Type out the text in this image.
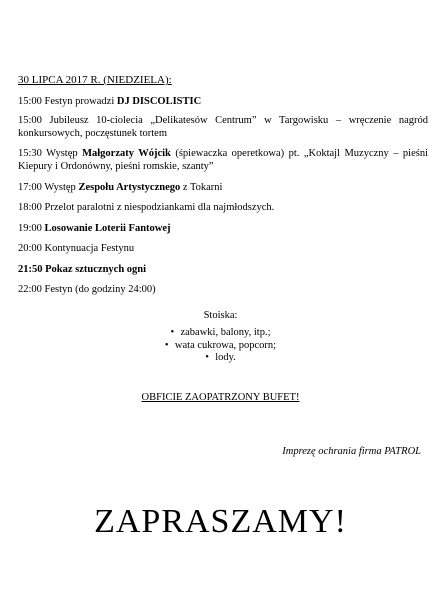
30 LIPCA 2017 R. (NIEDZIELA):
15:00 Festyn prowadzi DJ DISCOLISTIC
15:00 Jubileusz 10-ciolecia „Delikatesów Centrum” w Targowisku – wręczenie nagród konkursowych, poczęstunek tortem
15:30 Występ Małgorzaty Wójcik (śpiewaczka operetkowa) pt. „Koktajl Muzyczny – pieśni Kiepury i Ordonówny, pieśni romskie, szanty”
17:00 Występ Zespołu Artystycznego z Tokarni
18:00 Przelot paralotni z niespodziankami dla najmłodszych.
19:00 Losowanie Loterii Fantowej
20:00 Kontynuacja Festynu
21:50 Pokaz sztucznych ogni
22:00 Festyn (do godziny 24:00)
Stoiska:
• zabawki, balony, itp.;
• wata cukrowa, popcorn;
• lody.
OBFICIE ZAOPATRZONY BUFET!
Imprezę ochrania firma PATROL
ZAPRASZAMY!
